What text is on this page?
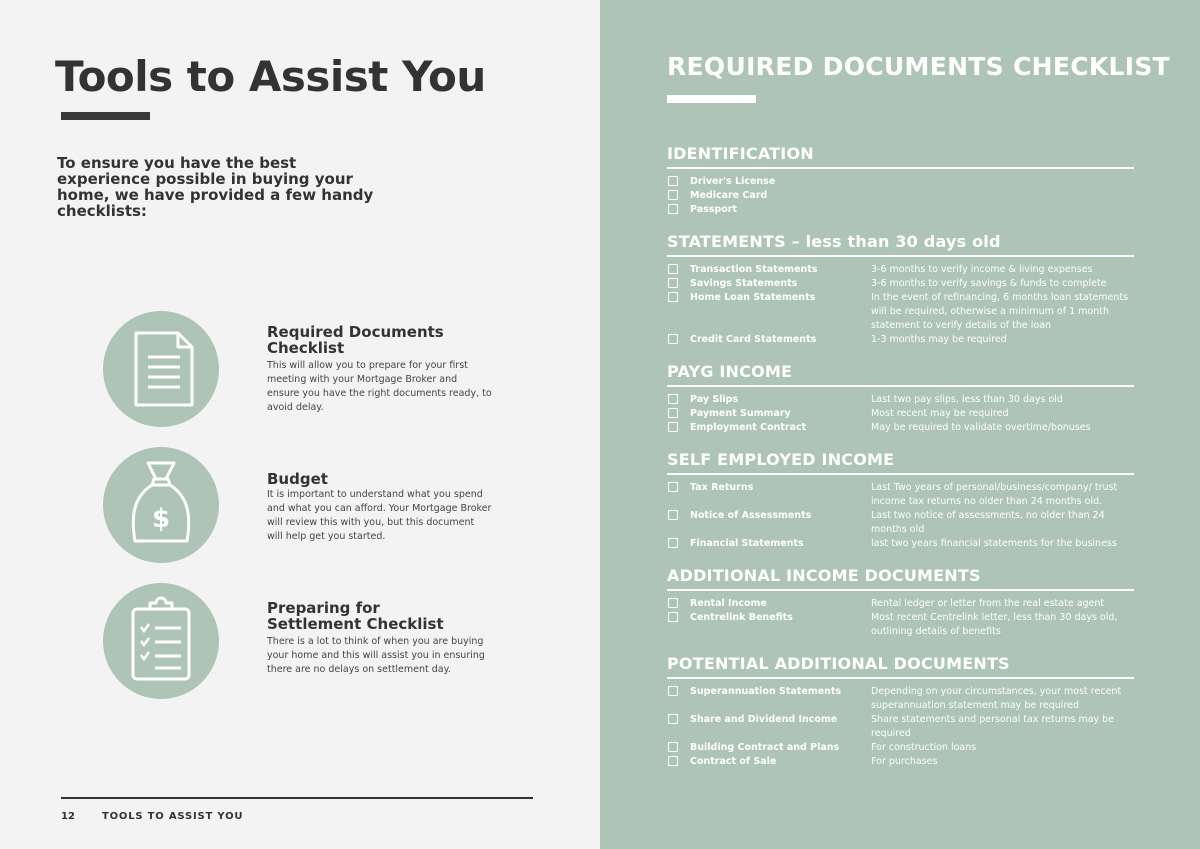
Tools to Assist You

To ensure you have the best experience possible in buying your home, we have provided a few handy checklists:

Required Documents
Checklist

This will allow you to prepare for your first meeting with your Mortgage Broker and ensure you have the right documents ready, to avoid delay.

$

Budget

It is important to understand what you spend and what you can afford. Your Mortgage Broker will review this with you, but this document will help get you started.

Preparing for
Settlement Checklist

There is a lot to think of when you are buying your home and this will assist you in ensuring there are no delays on settlement day.

12	TOOLS TO ASSIST YOU
REQUIRED DOCUMENTS CHECKLIST
IDENTIFICATION
Driver's License
Medicare Card
Passport
STATEMENTS – less than 30 days old
Transaction Statements	3-6 months to verify income & living expenses
Savings Statements	3-6 months to verify savings & funds to complete
Home Loan Statements	In the event of refinancing, 6 months loan statements will be required, otherwise a minimum of 1 month statement to verify details of the loan
Credit Card Statements	1-3 months may be required
PAYG INCOME
Pay Slips	Last two pay slips, less than 30 days old
Payment Summary	Most recent may be required
Employment Contract	May be required to validate overtime/bonuses
SELF EMPLOYED INCOME
Tax Returns	Last Two years of personal/business/company/ trust income tax returns no older than 24 months old.
Notice of Assessments	Last two notice of assessments, no older than 24 months old
Financial Statements	last two years financial statements for the business
ADDITIONAL INCOME DOCUMENTS
Rental Income	Rental ledger or letter from the real estate agent
Centrelink Benefits	Most recent Centrelink letter, less than 30 days old, outlining details of benefits
POTENTIAL ADDITIONAL DOCUMENTS
Superannuation Statements	Depending on your circumstances, your most recent superannuation statement may be required
Share and Dividend Income	Share statements and personal tax returns may be required
Building Contract and Plans	For construction loans
Contract of Sale	For purchases
